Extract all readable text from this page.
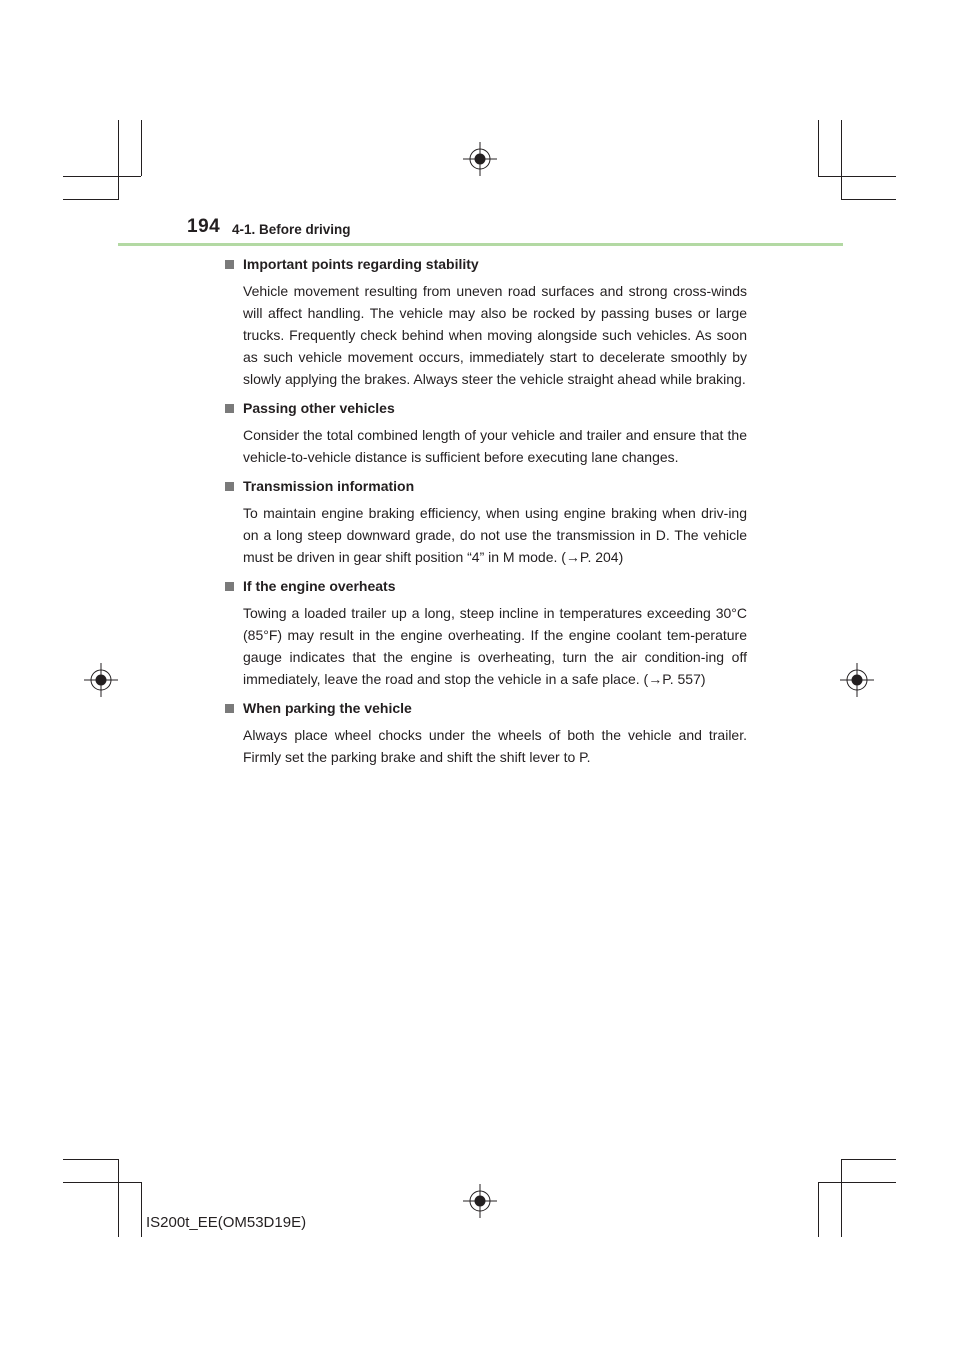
194 4-1. Before driving
Important points regarding stability
Vehicle movement resulting from uneven road surfaces and strong cross-winds will affect handling. The vehicle may also be rocked by passing buses or large trucks. Frequently check behind when moving alongside such vehicles. As soon as such vehicle movement occurs, immediately start to decelerate smoothly by slowly applying the brakes. Always steer the vehicle straight ahead while braking.
Passing other vehicles
Consider the total combined length of your vehicle and trailer and ensure that the vehicle-to-vehicle distance is sufficient before executing lane changes.
Transmission information
To maintain engine braking efficiency, when using engine braking when driv-ing on a long steep downward grade, do not use the transmission in D. The vehicle must be driven in gear shift position “4” in M mode. (→P. 204)
If the engine overheats
Towing a loaded trailer up a long, steep incline in temperatures exceeding 30°C (85°F) may result in the engine overheating. If the engine coolant tem-perature gauge indicates that the engine is overheating, turn the air condition-ing off immediately, leave the road and stop the vehicle in a safe place. (→P. 557)
When parking the vehicle
Always place wheel chocks under the wheels of both the vehicle and trailer. Firmly set the parking brake and shift the shift lever to P.
IS200t_EE(OM53D19E)
